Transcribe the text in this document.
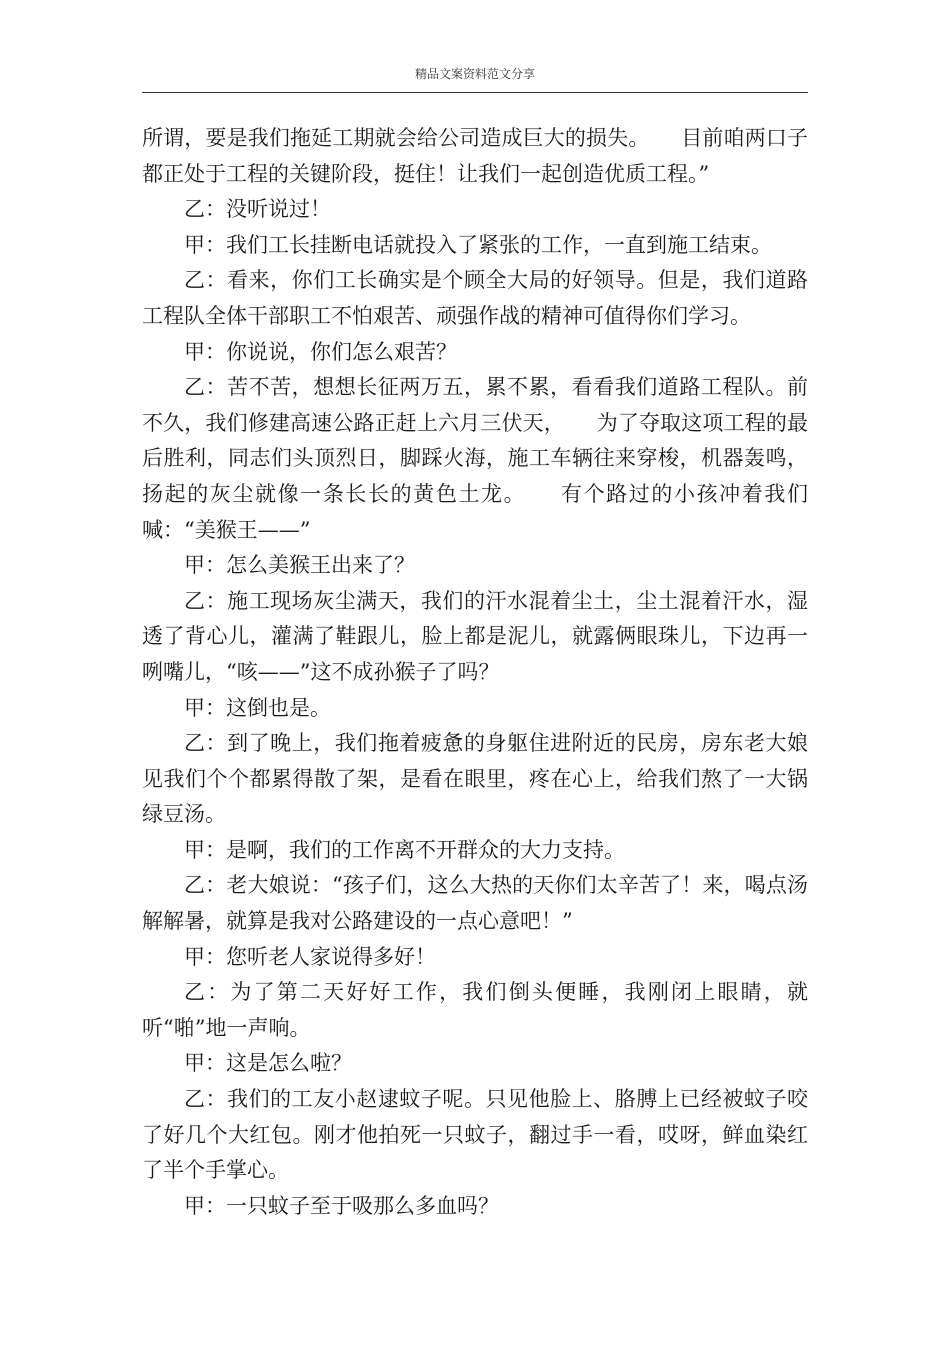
精品文案资料范文分享

所谓，要是我们拖延工期就会给公司造成巨大的损失。　　目前咱两口子都正处于工程的关键阶段，挺住！让我们一起创造优质工程。”

乙：没听说过！

甲：我们工长挂断电话就投入了紧张的工作，一直到施工结束。

乙：看来，你们工长确实是个顾全大局的好领导。但是，我们道路工程队全体干部职工不怕艰苦、顽强作战的精神可值得你们学习。

甲：你说说，你们怎么艰苦？

乙：苦不苦，想想长征两万五，累不累，看看我们道路工程队。前不久，我们修建高速公路正赶上六月三伏天，　　为了夺取这项工程的最后胜利，同志们头顶烈日，脚踩火海，施工车辆往来穿梭，机器轰鸣，扬起的灰尘就像一条长长的黄色土龙。　　有个路过的小孩冲着我们喊：“美猴王——”

甲：怎么美猴王出来了？

乙：施工现场灰尘满天，我们的汗水混着尘土，尘土混着汗水，湿透了背心儿，灌满了鞋跟儿，脸上都是泥儿，就露俩眼珠儿，下边再一咧嘴儿，“咳——”这不成孙猴子了吗？

甲：这倒也是。

乙：到了晚上，我们拖着疲惫的身躯住进附近的民房，房东老大娘见我们个个都累得散了架，是看在眼里，疼在心上，给我们熬了一大锅绿豆汤。

甲：是啊，我们的工作离不开群众的大力支持。

乙：老大娘说：“孩子们，这么大热的天你们太辛苦了！来，喝点汤解解暑，就算是我对公路建设的一点心意吧！”

甲：您听老人家说得多好！

乙：为了第二天好好工作，我们倒头便睡，我刚闭上眼睛，就听“啪”地一声响。

甲：这是怎么啦？

乙：我们的工友小赵逮蚊子呢。只见他脸上、胳膊上已经被蚊子咬了好几个大红包。刚才他拍死一只蚊子，翻过手一看，哎呀，鲜血染红了半个手掌心。

甲：一只蚊子至于吸那么多血吗？
